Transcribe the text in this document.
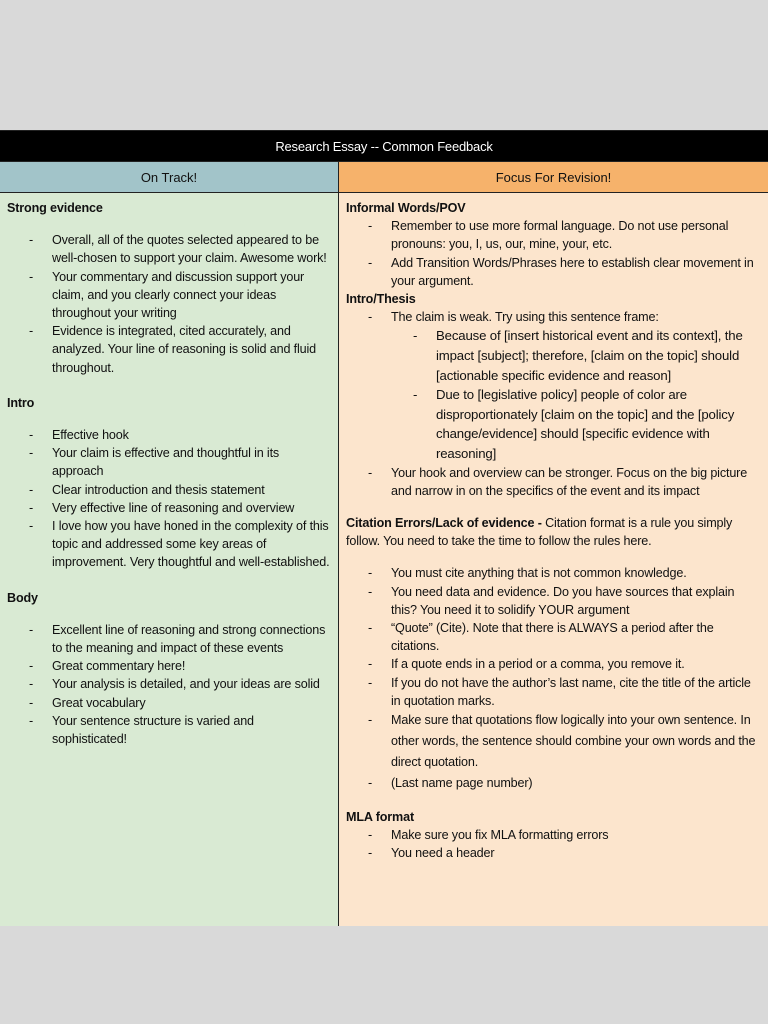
Research Essay -- Common Feedback
On Track!	Focus For Revision!

Strong evidence

- Overall, all of the quotes selected appeared to be well-chosen to support your claim. Awesome work!
- Your commentary and discussion support your claim, and you clearly connect your ideas throughout your writing
- Evidence is integrated, cited accurately, and analyzed. Your line of reasoning is solid and fluid throughout.

Intro

- Effective hook
- Your claim is effective and thoughtful in its approach
- Clear introduction and thesis statement
- Very effective line of reasoning and overview
- I love how you have honed in the complexity of this topic and addressed some key areas of improvement. Very thoughtful and well-established.

Body

- Excellent line of reasoning and strong connections to the meaning and impact of these events
- Great commentary here!
- Your analysis is detailed, and your ideas are solid
- Great vocabulary
- Your sentence structure is varied and sophisticated!

Informal Words/POV

- Remember to use more formal language. Do not use personal pronouns: you, I, us, our, mine, your, etc.
- Add Transition Words/Phrases here to establish clear movement in your argument.

Intro/Thesis

- The claim is weak. Try using this sentence frame:
- Because of [insert historical event and its context], the impact [subject]; therefore, [claim on the topic] should [actionable specific evidence and reason]
- Due to [legislative policy] people of color are disproportionately [claim on the topic] and the [policy change/evidence] should [specific evidence with reasoning]
- Your hook and overview can be stronger. Focus on the big picture and narrow in on the specifics of the event and its impact

Citation Errors/Lack of evidence - Citation format is a rule you simply follow. You need to take the time to follow the rules here.

- You must cite anything that is not common knowledge.
- You need data and evidence. Do you have sources that explain this? You need it to solidify YOUR argument
- “Quote” (Cite). Note that there is ALWAYS a period after the citations.
- If a quote ends in a period or a comma, you remove it.
- If you do not have the author’s last name, cite the title of the article in quotation marks.
- Make sure that quotations flow logically into your own sentence. In other words, the sentence should combine your own words and the direct quotation.
- (Last name page number)

MLA format

- Make sure you fix MLA formatting errors
- You need a header
